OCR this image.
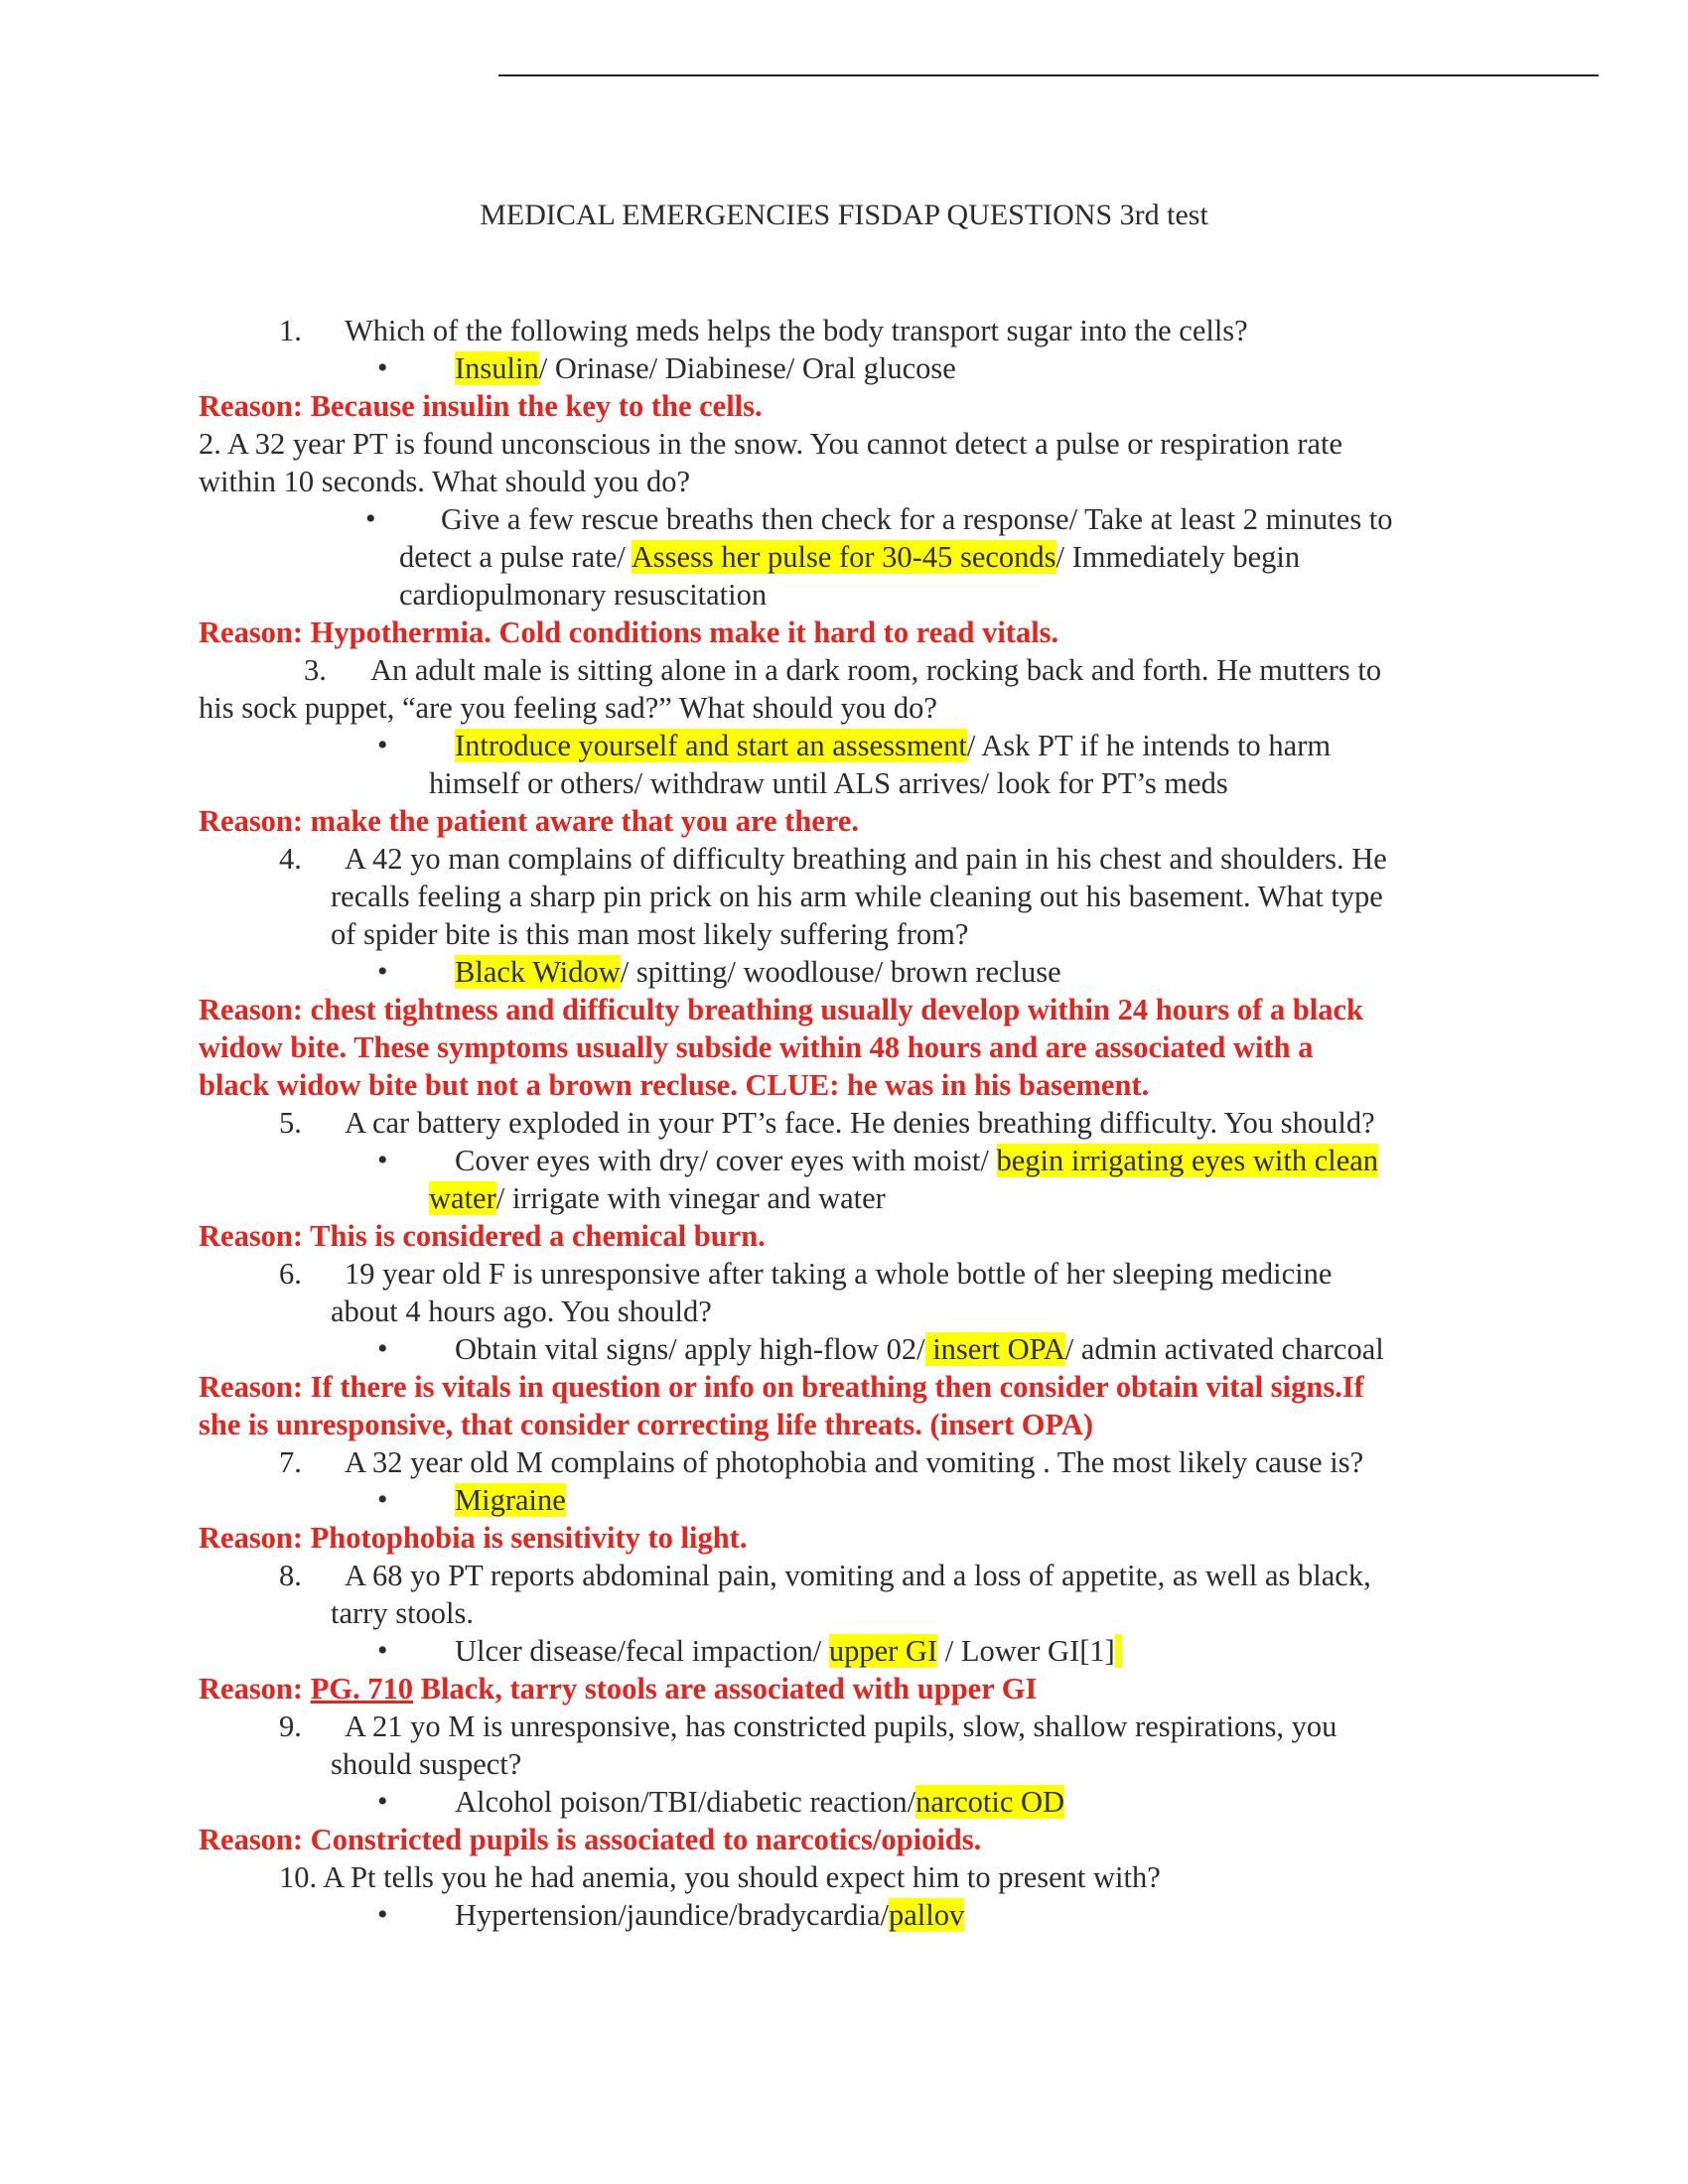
MEDICAL EMERGENCIES FISDAP QUESTIONS 3rd test
1. Which of the following meds helps the body transport sugar into the cells?
• Insulin/ Orinase/ Diabinese/ Oral glucose
Reason: Because insulin the key to the cells.
2. A 32 year PT is found unconscious in the snow. You cannot detect a pulse or respiration rate
within 10 seconds. What should you do?
• Give a few rescue breaths then check for a response/ Take at least 2 minutes to
detect a pulse rate/ Assess her pulse for 30-45 seconds/ Immediately begin
cardiopulmonary resuscitation
Reason: Hypothermia. Cold conditions make it hard to read vitals.
3. An adult male is sitting alone in a dark room, rocking back and forth. He mutters to
his sock puppet, “are you feeling sad?” What should you do?
• Introduce yourself and start an assessment/ Ask PT if he intends to harm
himself or others/ withdraw until ALS arrives/ look for PT’s meds
Reason: make the patient aware that you are there.
4. A 42 yo man complains of difficulty breathing and pain in his chest and shoulders. He
recalls feeling a sharp pin prick on his arm while cleaning out his basement. What type
of spider bite is this man most likely suffering from?
• Black Widow/ spitting/ woodlouse/ brown recluse
Reason: chest tightness and difficulty breathing usually develop within 24 hours of a black
widow bite. These symptoms usually subside within 48 hours and are associated with a
black widow bite but not a brown recluse. CLUE: he was in his basement.
5. A car battery exploded in your PT’s face. He denies breathing difficulty. You should?
• Cover eyes with dry/ cover eyes with moist/ begin irrigating eyes with clean
water/ irrigate with vinegar and water
Reason: This is considered a chemical burn.
6. 19 year old F is unresponsive after taking a whole bottle of her sleeping medicine
about 4 hours ago. You should?
• Obtain vital signs/ apply high-flow 02/ insert OPA/ admin activated charcoal
Reason: If there is vitals in question or info on breathing then consider obtain vital signs.If
she is unresponsive, that consider correcting life threats. (insert OPA)
7. A 32 year old M complains of photophobia and vomiting . The most likely cause is?
• Migraine
Reason: Photophobia is sensitivity to light.
8. A 68 yo PT reports abdominal pain, vomiting and a loss of appetite, as well as black,
tarry stools.
• Ulcer disease/fecal impaction/ upper GI / Lower GI[1]
Reason: PG. 710 Black, tarry stools are associated with upper GI
9. A 21 yo M is unresponsive, has constricted pupils, slow, shallow respirations, you
should suspect?
• Alcohol poison/TBI/diabetic reaction/narcotic OD
Reason: Constricted pupils is associated to narcotics/opioids.
10. A Pt tells you he had anemia, you should expect him to present with?
• Hypertension/jaundice/bradycardia/pallov
